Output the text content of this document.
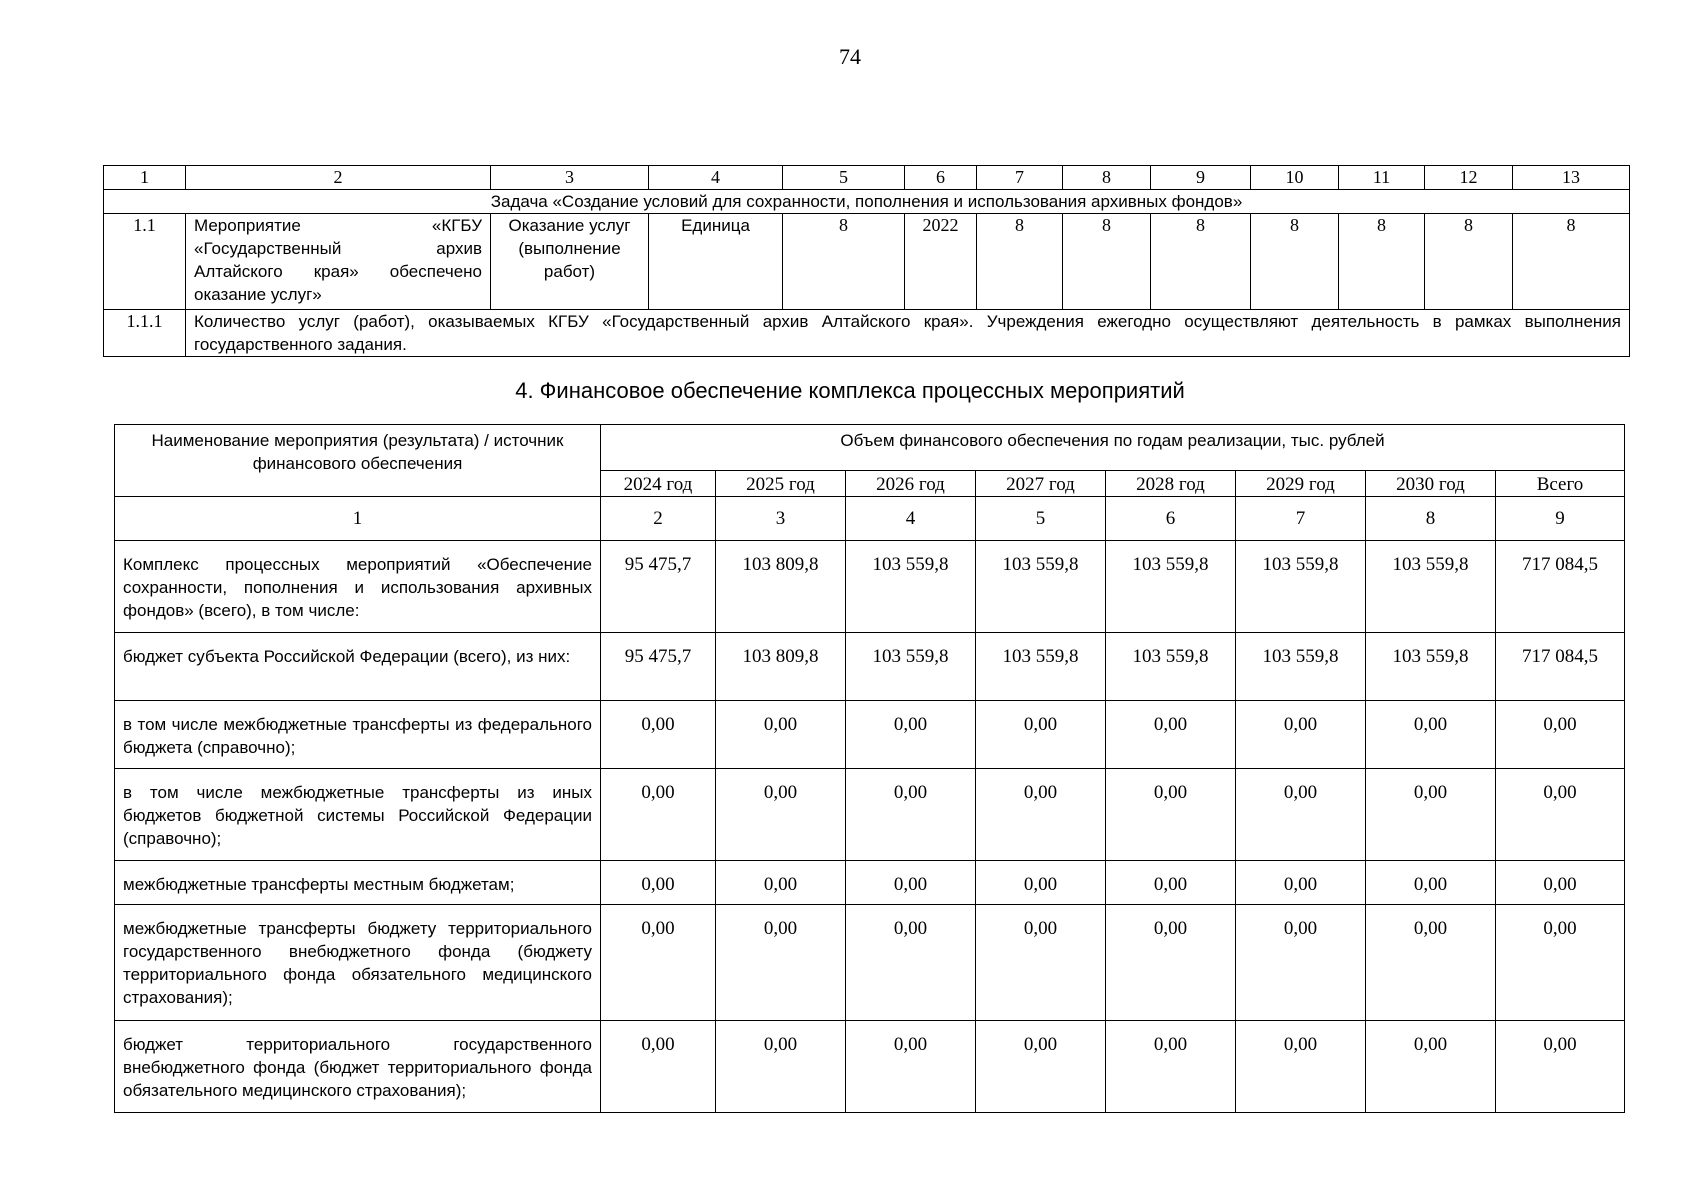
74
1	2	3	4	5	6	7	8	9	10	11	12	13
Задача «Создание условий для сохранности, пополнения и использования архивных фондов»												
1.1	Мероприятие «КГБУ «Государственный архив Алтайского края» обеспечено оказание услуг»	Оказание услуг (выполнение работ)	Единица	8	2022	8	8	8	8	8	8	8
1.1.1	Количество услуг (работ), оказываемых КГБУ «Государственный архив Алтайского края». Учреждения ежегодно осуществляют деятельность в рамках выполнения государственного задания.											
4. Финансовое обеспечение комплекса процессных мероприятий
Наименование мероприятия (результата) / источник финансового обеспечения	Объем финансового обеспечения по годам реализации, тыс. рублей							
	2024 год	2025 год	2026 год	2027 год	2028 год	2029 год	2030 год	Всего
1	2	3	4	5	6	7	8	9
Комплекс процессных мероприятий «Обеспечение сохранности, пополнения и использования архивных фондов» (всего), в том числе:	95 475,7	103 809,8	103 559,8	103 559,8	103 559,8	103 559,8	103 559,8	717 084,5
бюджет субъекта Российской Федерации (всего), из них:	95 475,7	103 809,8	103 559,8	103 559,8	103 559,8	103 559,8	103 559,8	717 084,5
в том числе межбюджетные трансферты из федерального бюджета (справочно);	0,00	0,00	0,00	0,00	0,00	0,00	0,00	0,00
в том числе межбюджетные трансферты из иных бюджетов бюджетной системы Российской Федерации (справочно);	0,00	0,00	0,00	0,00	0,00	0,00	0,00	0,00
межбюджетные трансферты местным бюджетам;	0,00	0,00	0,00	0,00	0,00	0,00	0,00	0,00
межбюджетные трансферты бюджету территориального государственного внебюджетного фонда (бюджету территориального фонда обязательного медицинского страхования);	0,00	0,00	0,00	0,00	0,00	0,00	0,00	0,00
бюджет территориального государственного внебюджетного фонда (бюджет территориального фонда обязательного медицинского страхования);	0,00	0,00	0,00	0,00	0,00	0,00	0,00	0,00
